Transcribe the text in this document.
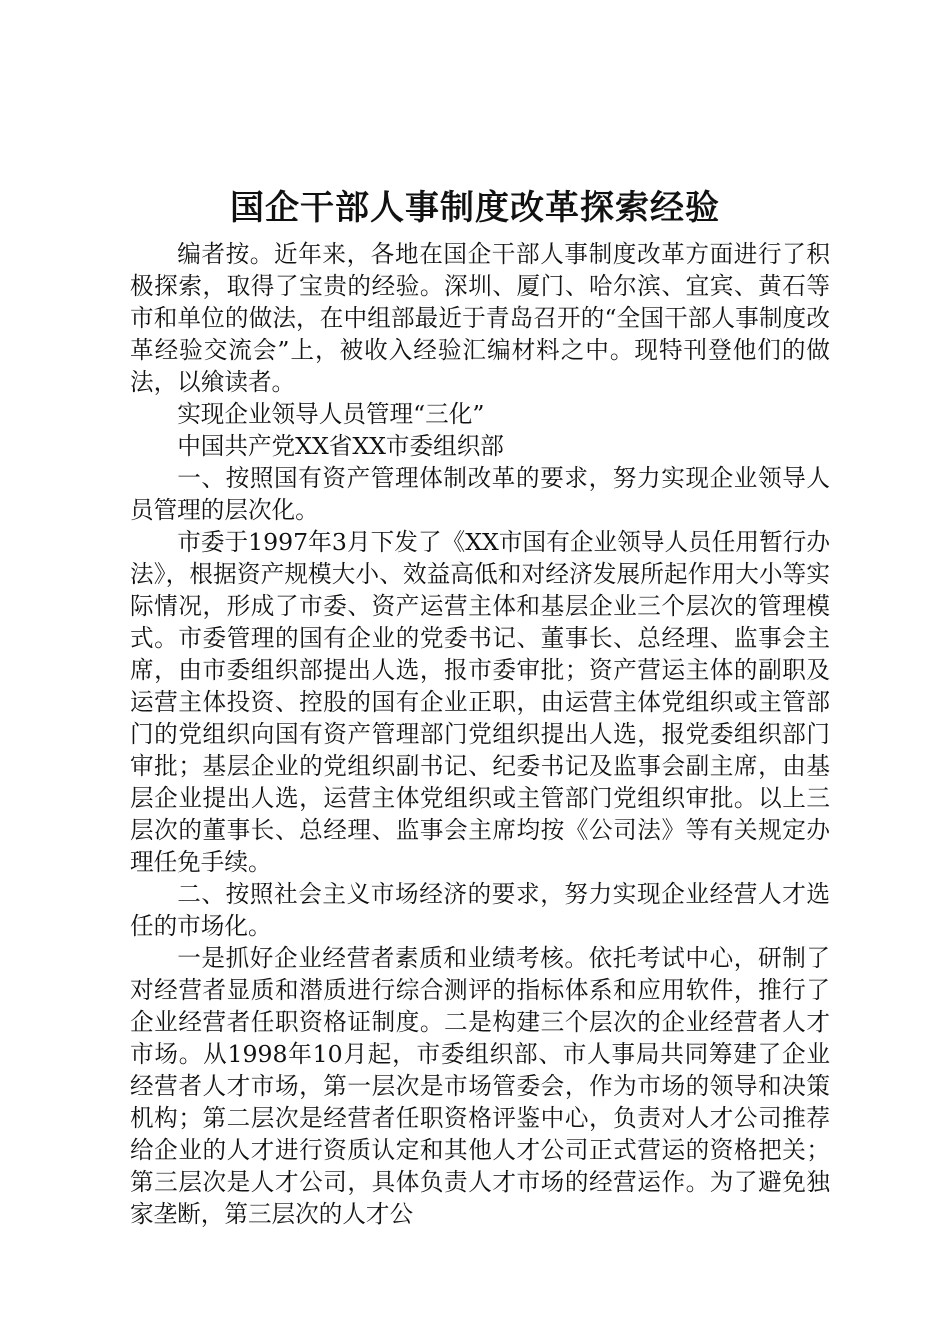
国企干部人事制度改革探索经验

编者按。近年来，各地在国企干部人事制度改革方面进行了积极探索，取得了宝贵的经验。深圳、厦门、哈尔滨、宜宾、黄石等市和单位的做法，在中组部最近于青岛召开的“全国干部人事制度改革经验交流会”上，被收入经验汇编材料之中。现特刊登他们的做法，以飨读者。

实现企业领导人员管理“三化”

中国共产党XX省XX市委组织部

一、按照国有资产管理体制改革的要求，努力实现企业领导人员管理的层次化。

市委于1997年3月下发了《XX市国有企业领导人员任用暂行办法》，根据资产规模大小、效益高低和对经济发展所起作用大小等实际情况，形成了市委、资产运营主体和基层企业三个层次的管理模式。市委管理的国有企业的党委书记、董事长、总经理、监事会主席，由市委组织部提出人选，报市委审批；资产营运主体的副职及运营主体投资、控股的国有企业正职，由运营主体党组织或主管部门的党组织向国有资产管理部门党组织提出人选，报党委组织部门审批；基层企业的党组织副书记、纪委书记及监事会副主席，由基层企业提出人选，运营主体党组织或主管部门党组织审批。以上三层次的董事长、总经理、监事会主席均按《公司法》等有关规定办理任免手续。

二、按照社会主义市场经济的要求，努力实现企业经营人才选任的市场化。

一是抓好企业经营者素质和业绩考核。依托考试中心，研制了对经营者显质和潜质进行综合测评的指标体系和应用软件，推行了企业经营者任职资格证制度。二是构建三个层次的企业经营者人才市场。从1998年10月起，市委组织部、市人事局共同筹建了企业经营者人才市场，第一层次是市场管委会，作为市场的领导和决策机构；第二层次是经营者任职资格评鉴中心，负责对人才公司推荐给企业的人才进行资质认定和其他人才公司正式营运的资格把关；第三层次是人才公司，具体负责人才市场的经营运作。为了避免独家垄断，第三层次的人才公
